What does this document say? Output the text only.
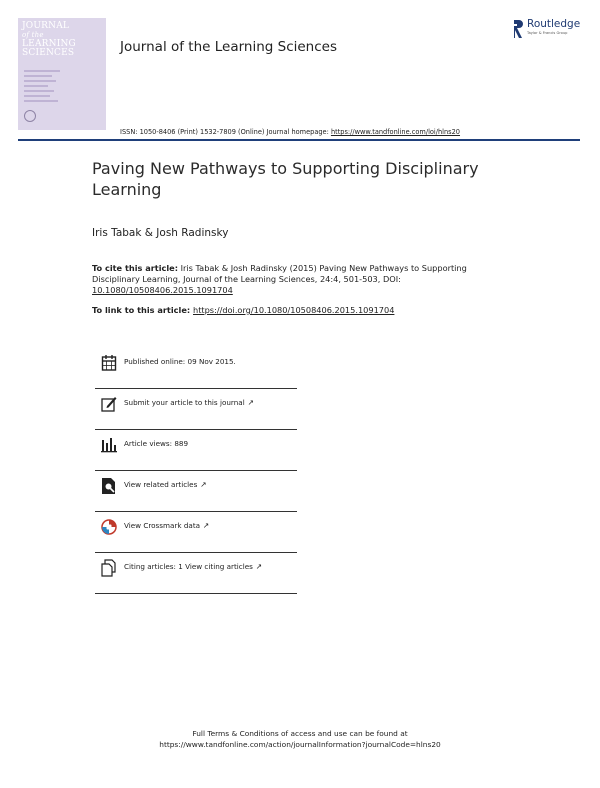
JOURNAL
of the
LEARNING
SCIENCES	Journal of the Learning Sciences
Routledge
Taylor & Francis Group
ISSN: 1050-8406 (Print) 1532-7809 (Online) Journal homepage: https://www.tandfonline.com/loi/hlns20
Paving New Pathways to Supporting Disciplinary Learning
Iris Tabak & Josh Radinsky
To cite this article: Iris Tabak & Josh Radinsky (2015) Paving New Pathways to Supporting Disciplinary Learning, Journal of the Learning Sciences, 24:4, 501-503, DOI: 10.1080/10508406.2015.1091704
To link to this article: https://doi.org/10.1080/10508406.2015.1091704
Published online: 09 Nov 2015.
Submit your article to this journal ↗
Article views: 889
View related articles ↗
View Crossmark data ↗
Citing articles: 1 View citing articles ↗
Full Terms & Conditions of access and use can be found at
https://www.tandfonline.com/action/journalInformation?journalCode=hlns20
